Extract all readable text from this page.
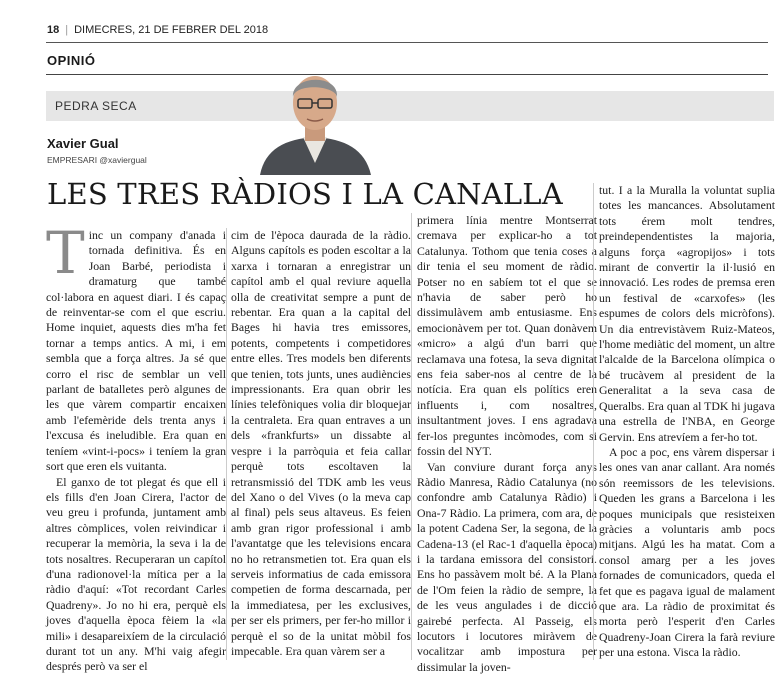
18 | DIMECRES, 21 DE FEBRER DEL 2018
OPINIÓ
PEDRA SECA
Xavier Gual
EMPRESARI @xaviergual
LES TRES RÀDIOS I LA CANALLA
T inc un company d'anada i tornada definitiva. És en Joan Barbé, periodista i dramaturg que també col·labora en aquest diari. I és capaç de reinventar-se com el que escriu. Home inquiet, aquests dies m'ha fet tornar a temps antics. A mi, i em sembla que a força altres. Ja sé que corro el risc de semblar un vell parlant de batalletes però algunes de les que vàrem compartir encaixen amb l'efemèride dels trenta anys i l'excusa és ineludible. Era quan en teníem «vint-i-pocs» i teníem la gran sort que eren els vuitanta.

El ganxo de tot plegat és que ell i els fills d'en Joan Cirera, l'actor de veu greu i profunda, juntament amb altres còmplices, volen reivindicar i recuperar la memòria, la seva i la de tots nosaltres. Recuperaran un capítol d'una radionovel·la mítica per a la ràdio d'aquí: «Tot recordant Carles Quadreny». Jo no hi era, perquè els joves d'aquella època fèiem la «la mili» i desapareixíem de la circulació durant tot un any. M'hi vaig afegir després però va ser el

cim de l'època daurada de la ràdio. Alguns capítols es poden escoltar a la xarxa i tornaran a enregistrar un capítol amb el qual reviure aquella olla de creativitat sempre a punt de rebentar. Era quan a la capital del Bages hi havia tres emissores, potents, competents i competidores entre elles. Tres models ben diferents que tenien, tots junts, unes audiències impressionants. Era quan obrir les línies telefòniques volia dir bloquejar la centraleta. Era quan entraves a un dels «frankfurts» un dissabte al vespre i la parròquia et feia callar perquè tots escoltaven la retransmissió del TDK amb les veus del Xano o del Vives (o la meva cap al final) pels seus altaveus. Es feien amb gran rigor professional i amb l'avantatge que les televisions encara no ho retransmetien tot. Era quan els serveis informatius de cada emissora competien de forma descarnada, per la immediatesa, per les exclusives, per ser els primers, per fer-ho millor i perquè el so de la unitat mòbil fos impecable. Era quan vàrem ser a

primera línia mentre Montserrat cremava per explicar-ho a tot Catalunya. Tothom que tenia coses a dir tenia el seu moment de ràdio. Potser no en sabíem tot el que se n'havia de saber però ho dissimulàvem amb entusiasme. Ens emocionàvem per tot. Quan donàvem «micro» a algú d'un barri que reclamava una fotesa, la seva dignitat ens feia saber-nos al centre de la notícia. Era quan els polítics eren influents i, com nosaltres, insultantment joves. I ens agradava fer-los preguntes incòmodes, com si fossin del NYT.

Van conviure durant força anys Ràdio Manresa, Ràdio Catalunya (no confondre amb Catalunya Ràdio) i Ona-7 Ràdio. La primera, com ara, de la potent Cadena Ser, la segona, de la Cadena-13 (el Rac-1 d'aquella època) i la tardana emissora del consistori. Ens ho passàvem molt bé. A la Plana de l'Om feien la ràdio de sempre, la de les veus angulades i de dicció gairebé perfecta. Al Passeig, els locutors i locutores miràvem de vocalitzar amb impostura per dissimular la joven-

tut. I a la Muralla la voluntat suplia totes les mancances. Absolutament tots érem molt tendres, preindependentistes la majoria, alguns força «agropijos» i tots mirant de convertir la il·lusió en innovació. Les rodes de premsa eren un festival de «carxofes» (les espumes de colors dels micròfons). Un dia entrevistàvem Ruiz-Mateos, l'home mediàtic del moment, un altre l'alcalde de la Barcelona olímpica o bé trucàvem al president de la Generalitat a la seva casa de Queralbs. Era quan al TDK hi jugava una estrella de l'NBA, en George Gervin. Ens atrevíem a fer-ho tot.

A poc a poc, ens vàrem dispersar i les ones van anar callant. Ara només són reemissors de les televisions. Queden les grans a Barcelona i les poques municipals que resisteixen gràcies a voluntaris amb pocs mitjans. Algú les ha matat. Com a consol amarg per a les joves fornades de comunicadors, queda el fet que es pagava igual de malament que ara. La ràdio de proximitat és morta però l'esperit d'en Carles Quadreny-Joan Cirera la farà reviure per una estona. Visca la ràdio.
